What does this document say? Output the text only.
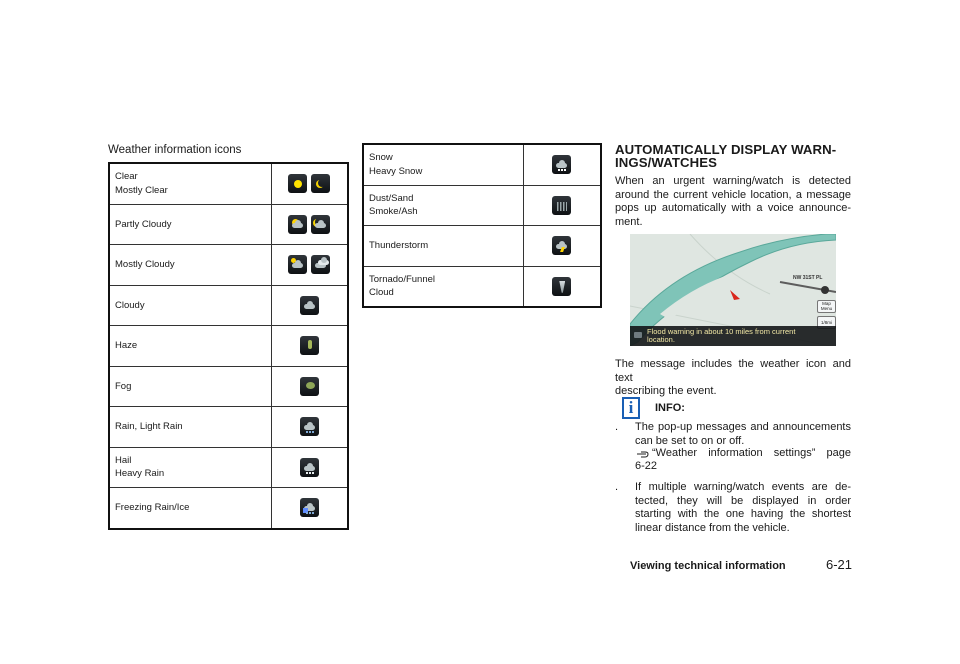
Weather information icons
Clear
Mostly Clear	

Partly Cloudy	

Mostly Cloudy	

Cloudy	

Haze	

Fog	

Rain, Light Rain	

Hail
Heavy Rain	

Freezing Rain/Ice	

Snow
Heavy Snow	

Dust/Sand
Smoke/Ash	

Thunderstorm	

Tornado/Funnel
Cloud	

AUTOMATICALLY DISPLAY WARN-
INGS/WATCHES
When an urgent warning/watch is detected
around the current vehicle location, a message
pops up automatically with a voice announce-
ment.
NW 31ST PL
Map
Menu
1/8mi
Flood warning in about 10 miles from current
location.
The message includes the weather icon and text
describing the event.
i	INFO:
. The pop-up messages and announcements
can be set to on or off.
“Weather information settings” page
6-22
. If multiple warning/watch events are de-
tected, they will be displayed in order
starting with the one having the shortest
linear distance from the vehicle.
Viewing technical information	6-21
